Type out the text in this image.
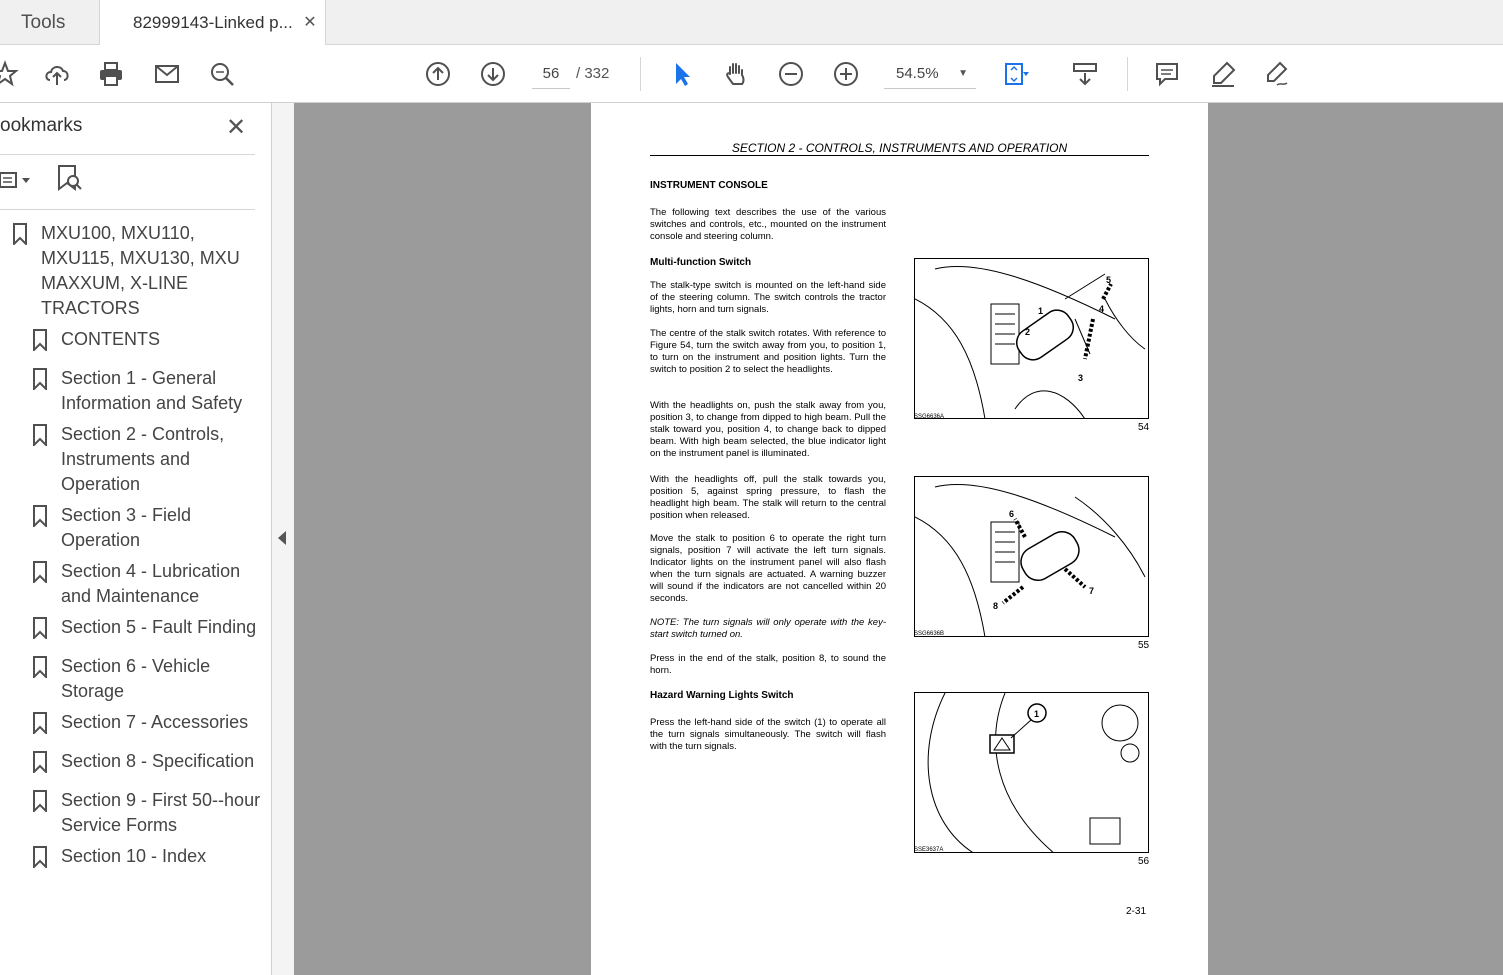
Tools	82999143-Linked p... ✕
56	/ 332	54.5% ▼
ookmarks	✕
MXU100, MXU110, MXU115, MXU130, MXU MAXXUM, X-LINE TRACTORS
CONTENTS
Section 1 - General Information and Safety
Section 2 - Controls, Instruments and Operation
Section 3 - Field Operation
Section 4 - Lubrication and Maintenance
Section 5 - Fault Finding
Section 6 - Vehicle Storage
Section 7 - Accessories
Section 8 - Specification
Section 9 - First 50--hour Service Forms
Section 10 - Index
SECTION 2 - CONTROLS, INSTRUMENTS AND OPERATION
INSTRUMENT CONSOLE
The following text describes the use of the various switches and controls, etc., mounted on the instrument console and steering column.
Multi-function Switch
The stalk-type switch is mounted on the left-hand side of the steering column. The switch controls the tractor lights, horn and turn signals.
The centre of the stalk switch rotates. With reference to Figure 54, turn the switch away from you, to position 1, to turn on the instrument and position lights. Turn the switch to position 2 to select the headlights.
With the headlights on, push the stalk away from you, position 3, to change from dipped to high beam. Pull the stalk toward you, position 4, to change back to dipped beam. With high beam selected, the blue indicator light on the instrument panel is illuminated.
With the headlights off, pull the stalk towards you, position 5, against spring pressure, to flash the headlight high beam. The stalk will return to the central position when released.
Move the stalk to position 6 to operate the right turn signals, position 7 will activate the left turn signals. Indicator lights on the instrument panel will also flash when the turn signals are actuated. A warning buzzer will sound if the indicators are not cancelled within 20 seconds.
NOTE: The turn signals will only operate with the key-start switch turned on.
Press in the end of the stalk, position 8, to sound the horn.
Hazard Warning Lights Switch
Press the left-hand side of the switch (1) to operate all the turn signals simultaneously. The switch will flash with the turn signals.
1
2
3
4
5
SSG6636A
54
6
7
8
SSG6636B
55
1
SSE3637A
56
2-31
